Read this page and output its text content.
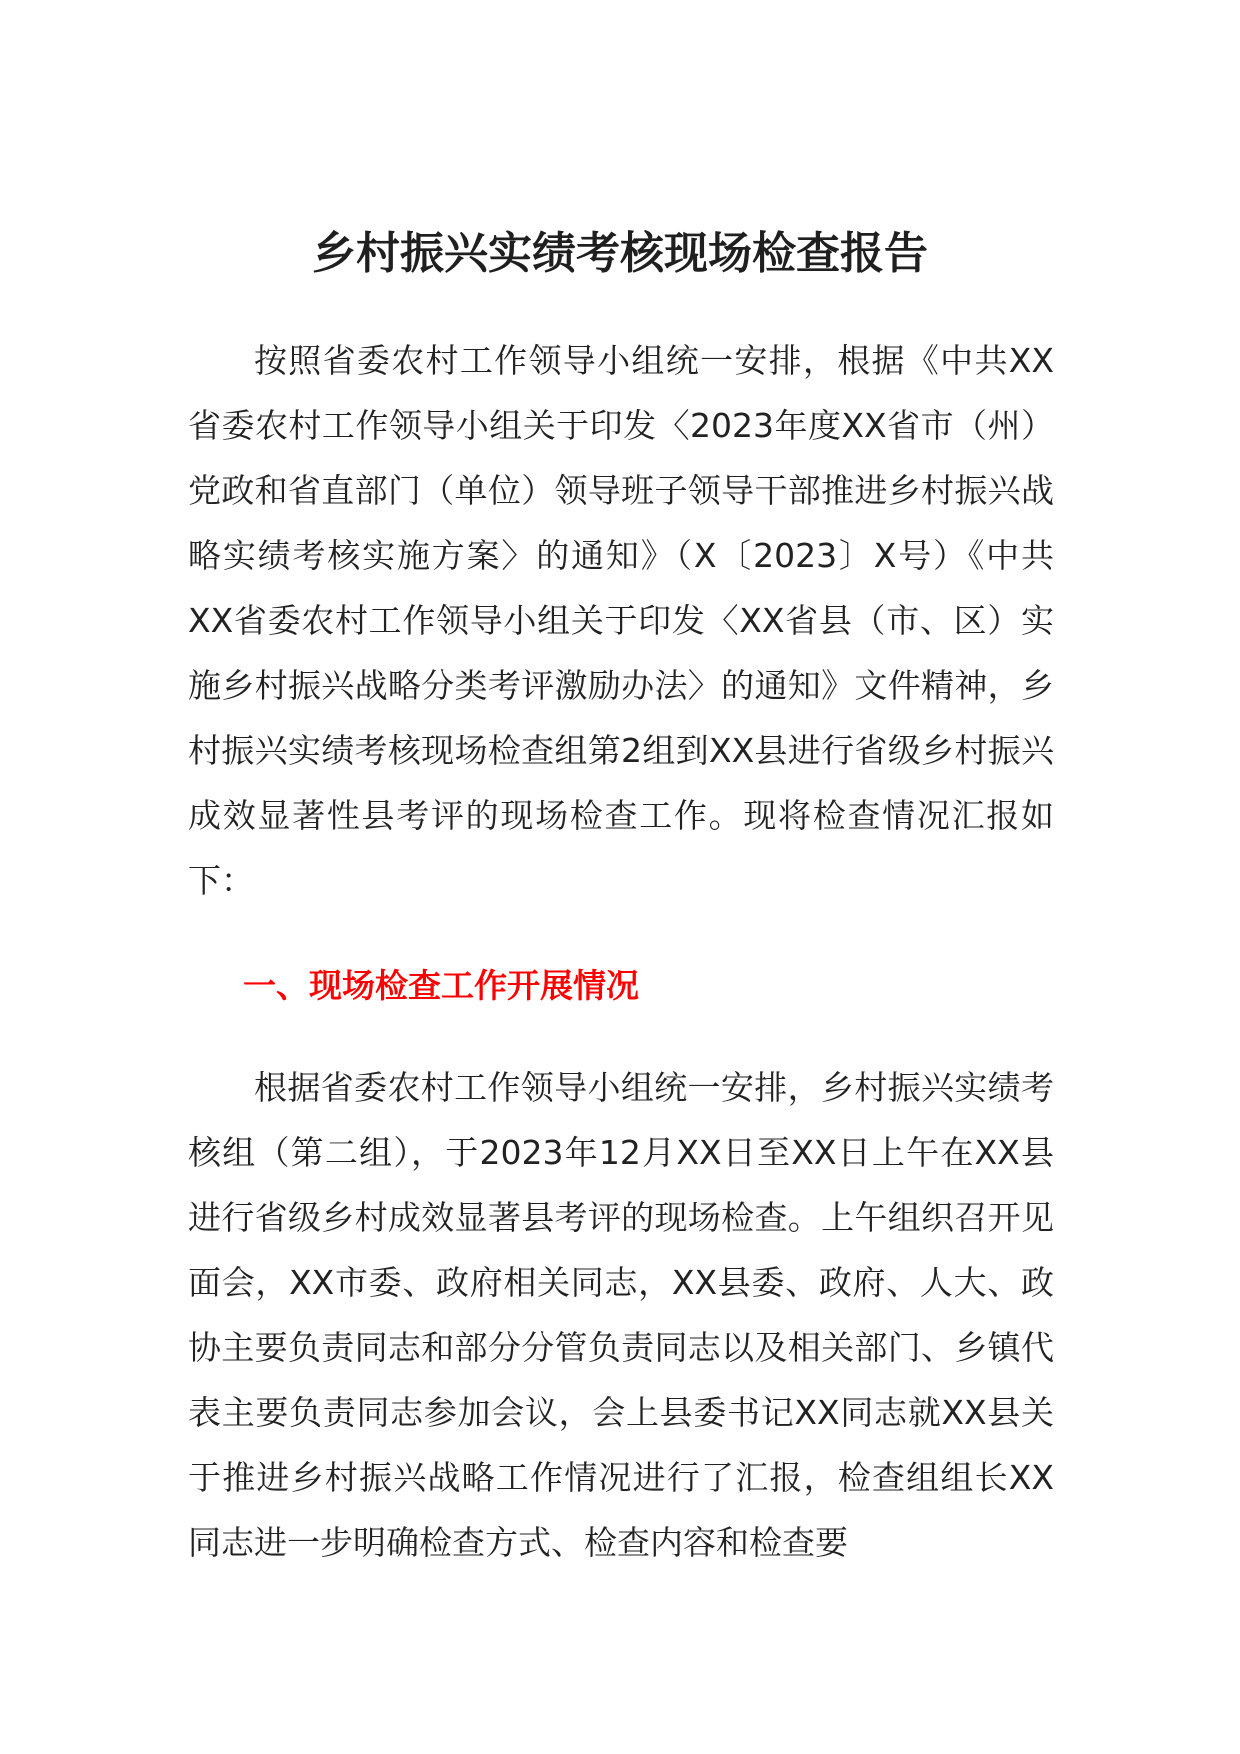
乡村振兴实绩考核现场检查报告

按照省委农村工作领导小组统一安排，根据《中共XX省委农村工作领导小组关于印发〈2023年度XX省市（州）党政和省直部门（单位）领导班子领导干部推进乡村振兴战略实绩考核实施方案〉的通知》（X〔2023〕X号）《中共XX省委农村工作领导小组关于印发〈XX省县（市、区）实施乡村振兴战略分类考评激励办法〉的通知》文件精神，乡村振兴实绩考核现场检查组第2组到XX县进行省级乡村振兴成效显著性县考评的现场检查工作。现将检查情况汇报如下：

一、现场检查工作开展情况

根据省委农村工作领导小组统一安排，乡村振兴实绩考核组（第二组），于2023年12月XX日至XX日上午在XX县进行省级乡村成效显著县考评的现场检查。上午组织召开见面会，XX市委、政府相关同志，XX县委、政府、人大、政协主要负责同志和部分分管负责同志以及相关部门、乡镇代表主要负责同志参加会议，会上县委书记XX同志就XX县关于推进乡村振兴战略工作情况进行了汇报，检查组组长XX同志进一步明确检查方式、检查内容和检查要
